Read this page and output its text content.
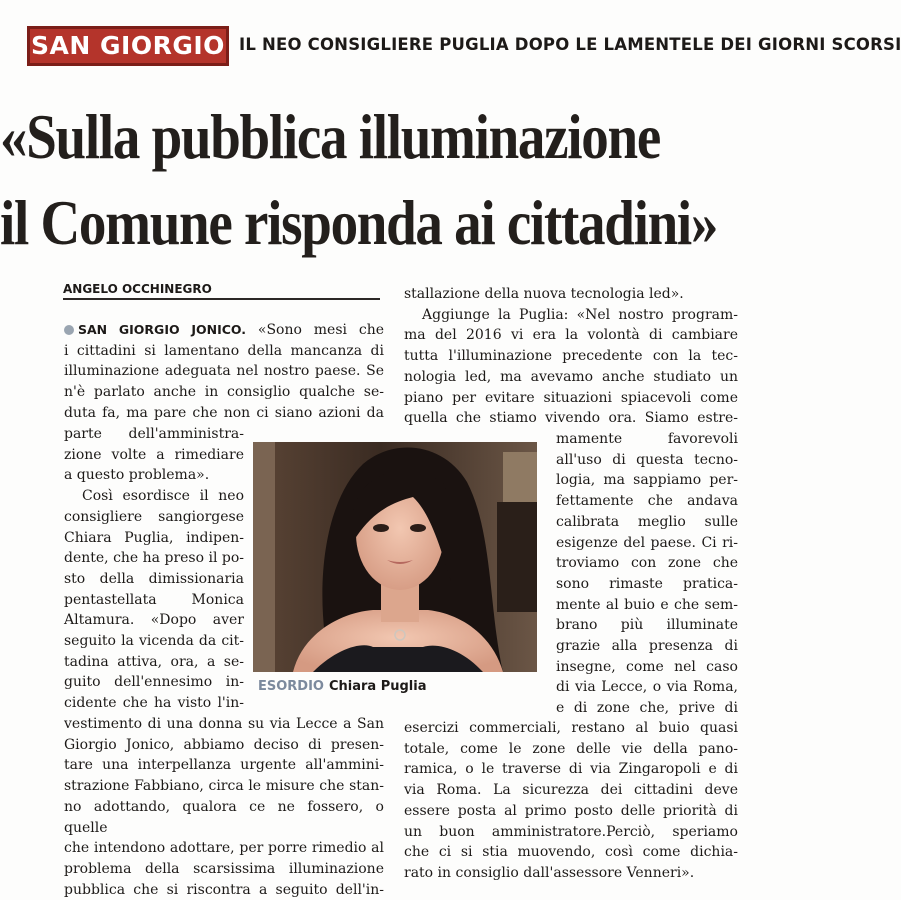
SAN GIORGIO IL NEO CONSIGLIERE PUGLIA DOPO LE LAMENTELE DEI GIORNI SCORSI
«Sulla pubblica illuminazione
il Comune risponda ai cittadini»
ANGELO OCCHINEGRO

SAN GIORGIO JONICO. «Sono mesi che

i cittadini si lamentano della mancanza di

illuminazione adeguata nel nostro paese. Se

n'è parlato anche in consiglio qualche se-

duta fa, ma pare che non ci siano azioni da

parte dell'amministra-

zione volte a rimediare

a questo problema».

Così esordisce il neo

consigliere sangiorgese

Chiara Puglia, indipen-

dente, che ha preso il po-

sto della dimissionaria

pentastellata Monica

Altamura. «Dopo aver

seguito la vicenda da cit-

tadina attiva, ora, a se-

guito dell'ennesimo in-

cidente che ha visto l'in-

vestimento di una donna su via Lecce a San

Giorgio Jonico, abbiamo deciso di presen-

tare una interpellanza urgente all'ammini-

strazione Fabbiano, circa le misure che stan-

no adottando, qualora ce ne fossero, o quelle

che intendono adottare, per porre rimedio al

problema della scarsissima illuminazione

pubblica che si riscontra a seguito dell'in-

stallazione della nuova tecnologia led».

Aggiunge la Puglia: «Nel nostro program-

ma del 2016 vi era la volontà di cambiare

tutta l'illuminazione precedente con la tec-

nologia led, ma avevamo anche studiato un

piano per evitare situazioni spiacevoli come

quella che stiamo vivendo ora. Siamo estre-

mamente favorevoli

all'uso di questa tecno-

logia, ma sappiamo per-

fettamente che andava

calibrata meglio sulle

esigenze del paese. Ci ri-

troviamo con zone che

sono rimaste pratica-

mente al buio e che sem-

brano più illuminate

grazie alla presenza di

insegne, come nel caso

di via Lecce, o via Roma,

e di zone che, prive di

esercizi commerciali, restano al buio quasi

totale, come le zone delle vie della pano-

ramica, o le traverse di via Zingaropoli e di

via Roma. La sicurezza dei cittadini deve

essere posta al primo posto delle priorità di

un buon amministratore.Perciò, speriamo

che ci si stia muovendo, così come dichia-

rato in consiglio dall'assessore Venneri».

ESORDIO Chiara Puglia
